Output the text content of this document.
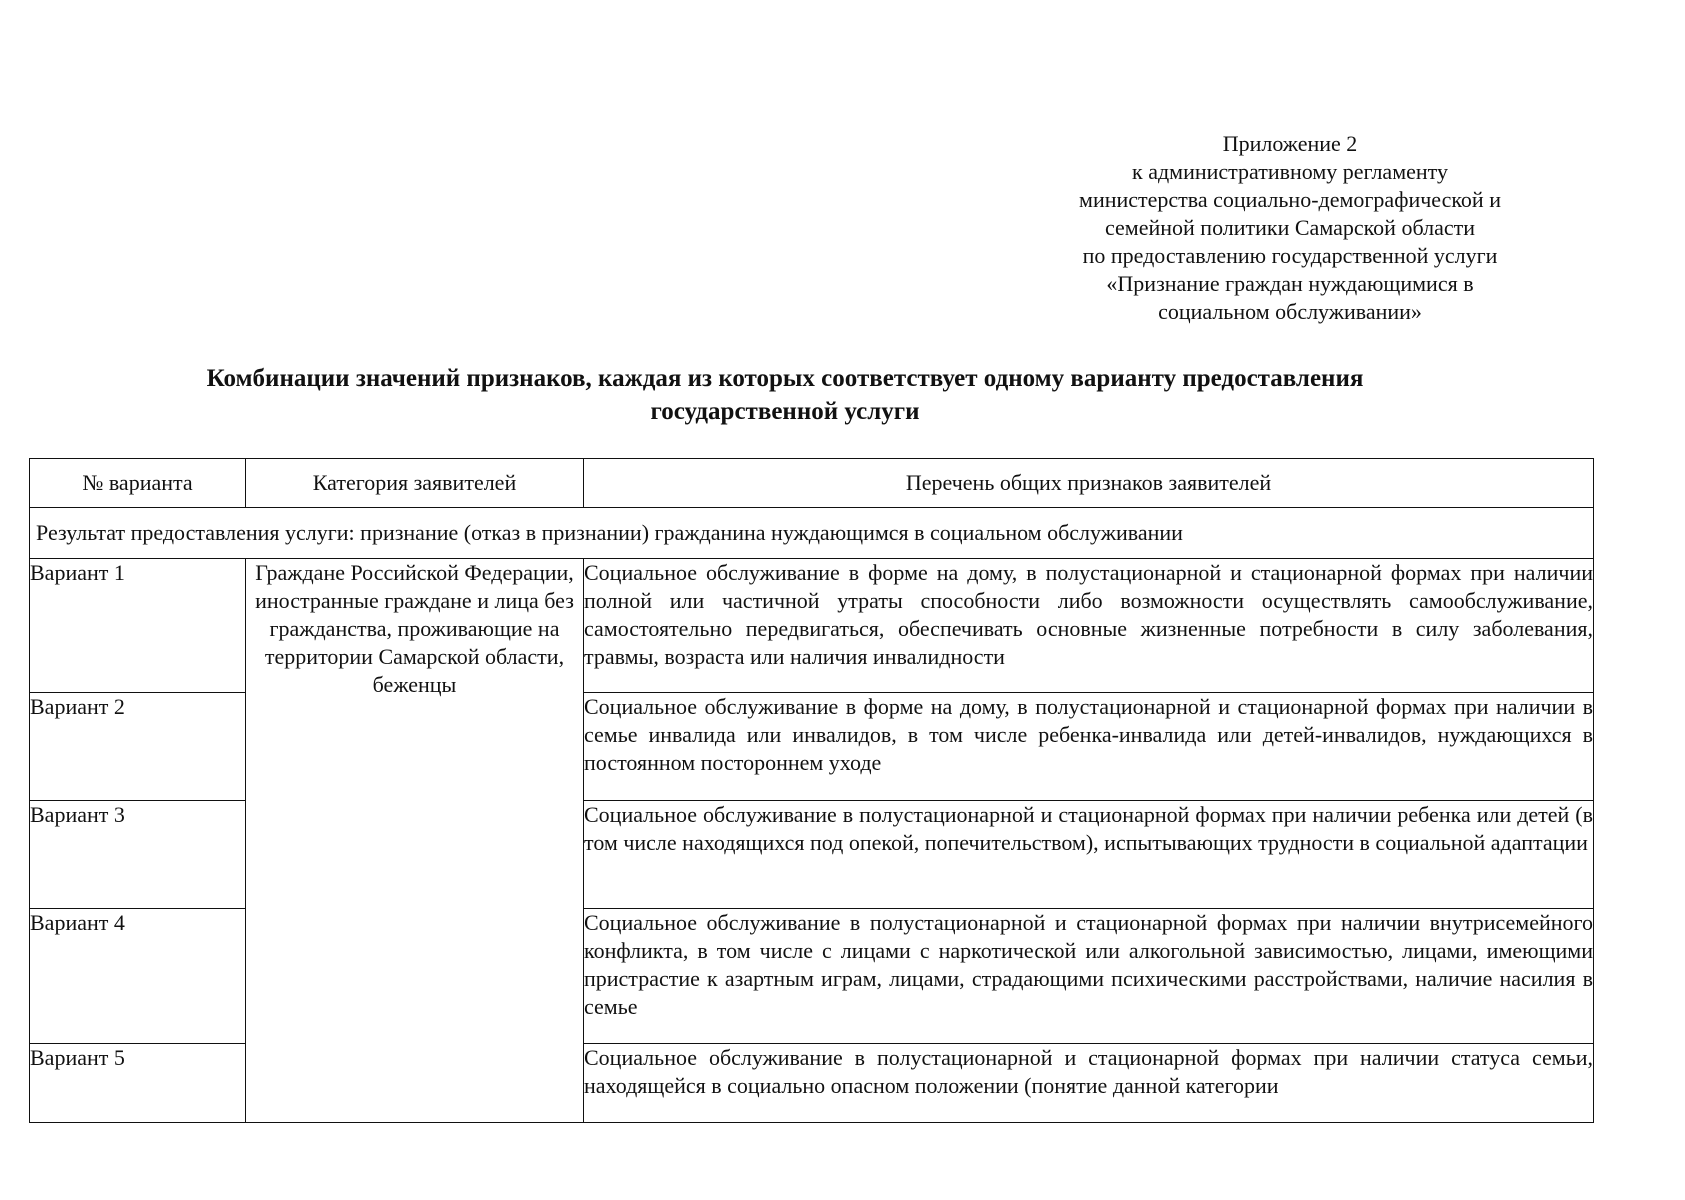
Приложение 2
к административному регламенту
министерства социально-демографической и
семейной политики Самарской области
по предоставлению государственной услуги
«Признание граждан нуждающимися в
социальном обслуживании»
Комбинации значений признаков, каждая из которых соответствует одному варианту предоставления
государственной услуги
№ варианта	Категория заявителей	Перечень общих признаков заявителей
Результат предоставления услуги: признание (отказ в признании) гражданина нуждающимся в социальном обслуживании		
Вариант 1	Граждане Российской Федерации, иностранные граждане и лица без гражданства, проживающие на территории Самарской области, беженцы	Социальное обслуживание в форме на дому, в полустационарной и стационарной формах при наличии полной или частичной утраты способности либо возможности осуществлять самообслуживание, самостоятельно передвигаться, обеспечивать основные жизненные потребности в силу заболевания, травмы, возраста или наличия инвалидности
Вариант 2		Социальное обслуживание в форме на дому, в полустационарной и стационарной формах при наличии в семье инвалида или инвалидов, в том числе ребенка-инвалида или детей-инвалидов, нуждающихся в постоянном постороннем уходе
Вариант 3		Социальное обслуживание в полустационарной и стационарной формах при наличии ребенка или детей (в том числе находящихся под опекой, попечительством), испытывающих трудности в социальной адаптации
Вариант 4		Социальное обслуживание в полустационарной и стационарной формах при наличии внутрисемейного конфликта, в том числе с лицами с наркотической или алкогольной зависимостью, лицами, имеющими пристрастие к азартным играм, лицами, страдающими психическими расстройствами, наличие насилия в семье
Вариант 5		Социальное обслуживание в полустационарной и стационарной формах при наличии статуса семьи, находящейся в социально опасном положении (понятие данной категории
